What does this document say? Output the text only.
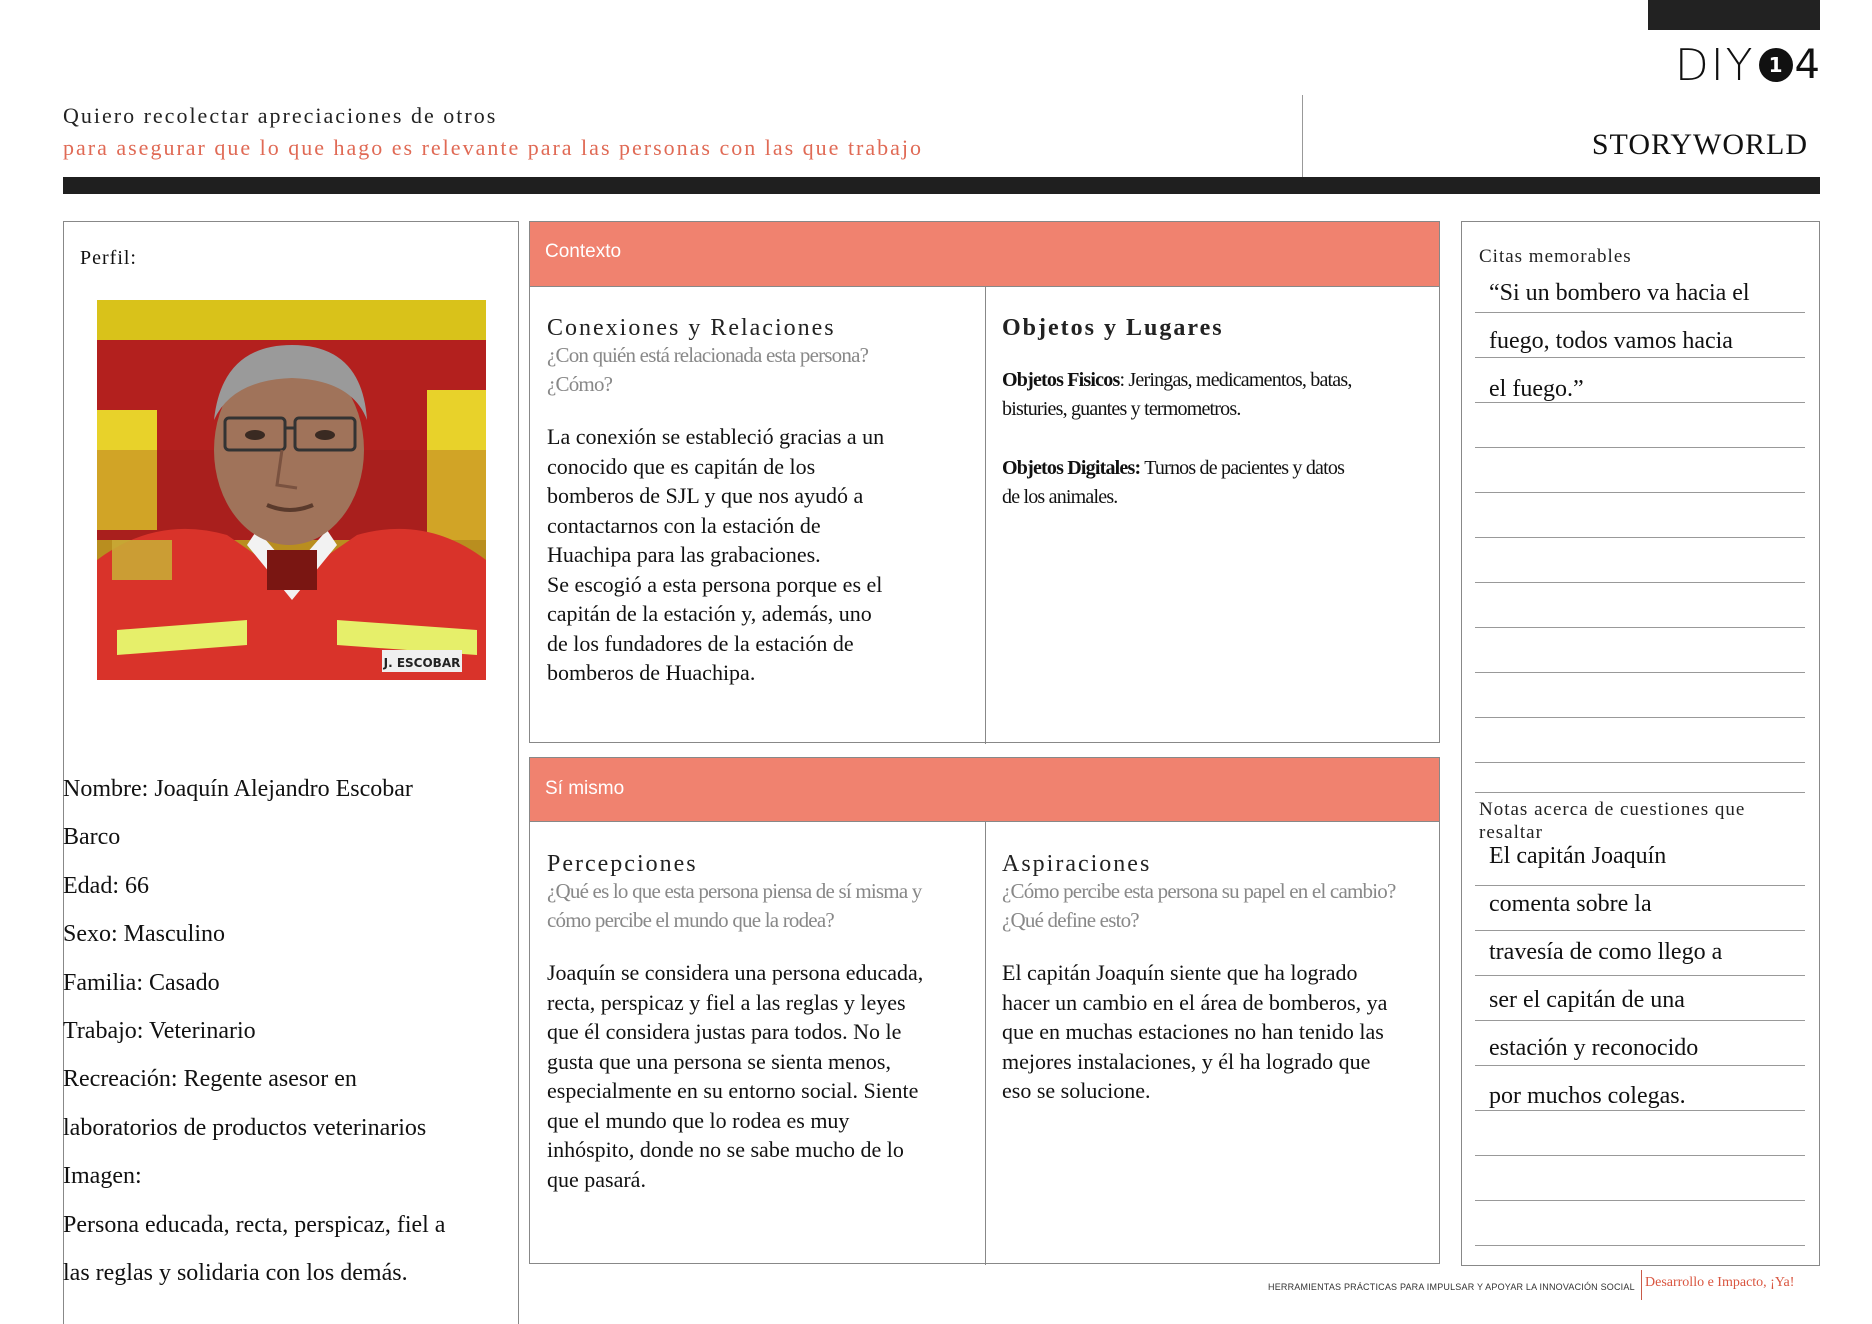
DIY 1 4
Quiero recolectar apreciaciones de otros
para asegurar que lo que hago es relevante para las personas con las que trabajo	STORYWORLD
Perfil:
J. ESCOBAR
Nombre: Joaquín Alejandro Escobar
Barco
Edad: 66
Sexo: Masculino
Familia: Casado
Trabajo: Veterinario
Recreación: Regente asesor en
laboratorios de productos veterinarios
Imagen:
Persona educada, recta, perspicaz, fiel a
las reglas y solidaria con los demás.
Contexto
Conexiones y Relaciones
¿Con quién está relacionada esta persona?
¿Cómo?
La conexión se estableció gracias a un
conocido que es capitán de los
bomberos de SJL y que nos ayudó a
contactarnos con la estación de
Huachipa para las grabaciones.
Se escogió a esta persona porque es el
capitán de la estación y, además, uno
de los fundadores de la estación de
bomberos de Huachipa.
Objetos y Lugares
Objetos Fisicos: Jeringas, medicamentos, batas,
bisturies, guantes y termometros.
Objetos Digitales: Turnos de pacientes y datos
de los animales.
Sí mismo
Percepciones
¿Qué es lo que esta persona piensa de sí misma y
cómo percibe el mundo que la rodea?
Joaquín se considera una persona educada,
recta, perspicaz y fiel a las reglas y leyes
que él considera justas para todos. No le
gusta que una persona se sienta menos,
especialmente en su entorno social. Siente
que el mundo que lo rodea es muy
inhóspito, donde no se sabe mucho de lo
que pasará.
Aspiraciones
¿Cómo percibe esta persona su papel en el cambio?
¿Qué define esto?
El capitán Joaquín siente que ha logrado
hacer un cambio en el área de bomberos, ya
que en muchas estaciones no han tenido las
mejores instalaciones, y él ha logrado que
eso se solucione.
Citas memorables
“Si un bombero va hacia el
fuego, todos vamos hacia
el fuego.”
Notas acerca de cuestiones que resaltar
El capitán Joaquín
comenta sobre la
travesía de como llego a
ser el capitán de una
estación y reconocido
por muchos colegas.
HERRAMIENTAS PRÁCTICAS PARA IMPULSAR Y APOYAR LA INNOVACIÓN SOCIAL Desarrollo e Impacto, ¡Ya!
